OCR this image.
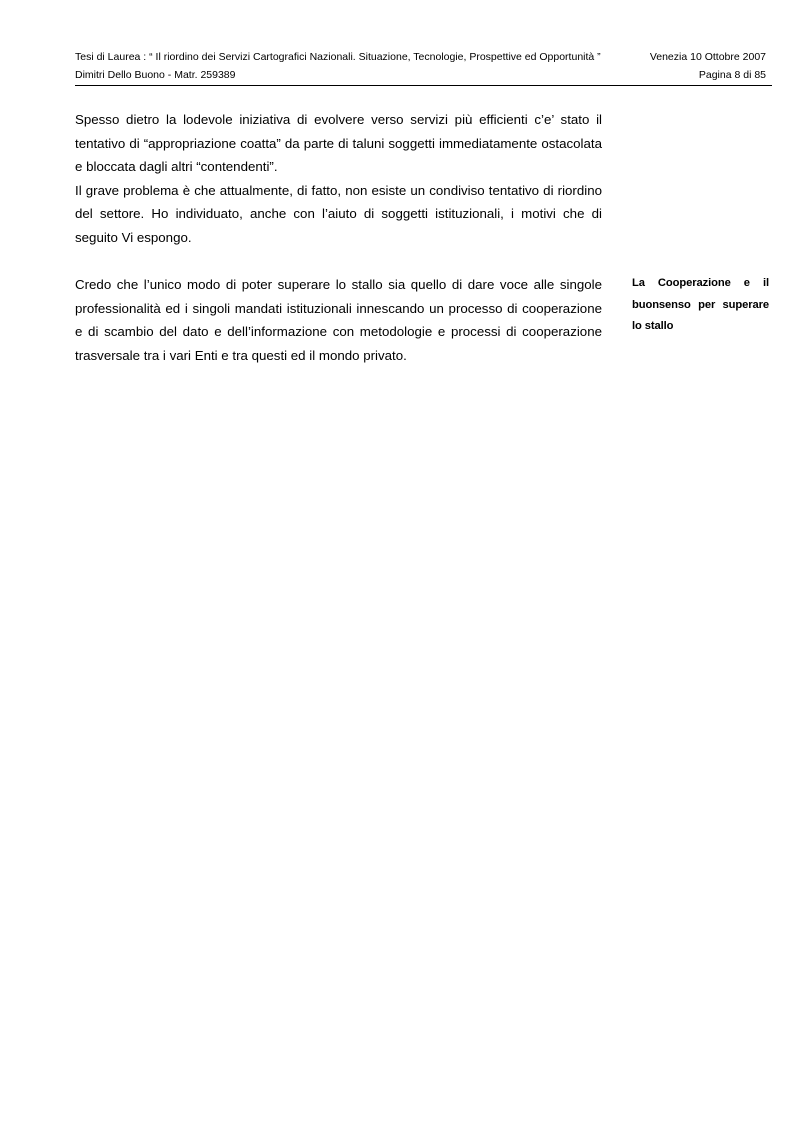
Tesi di Laurea : “ Il riordino dei Servizi Cartografici Nazionali. Situazione, Tecnologie, Prospettive ed Opportunità ”	Venezia 10 Ottobre 2007
Dimitri Dello Buono - Matr. 259389	Pagina 8 di 85

Spesso dietro la lodevole iniziativa di evolvere verso servizi più efficienti c’e’ stato il tentativo di “appropriazione coatta” da parte di taluni soggetti immediatamente ostacolata e bloccata dagli altri “contendenti”.

Il grave problema è che attualmente, di fatto, non esiste un condiviso tentativo di riordino del settore. Ho individuato, anche con l’aiuto di soggetti istituzionali, i motivi che di seguito Vi espongo.

Credo che l’unico modo di poter superare lo stallo sia quello di dare voce alle singole professionalità ed i singoli mandati istituzionali innescando un processo di cooperazione e di scambio del dato e dell’informazione con metodologie e processi di cooperazione trasversale tra i vari Enti e tra questi ed il mondo privato.

La Cooperazione e il buonsenso per superare lo stallo
